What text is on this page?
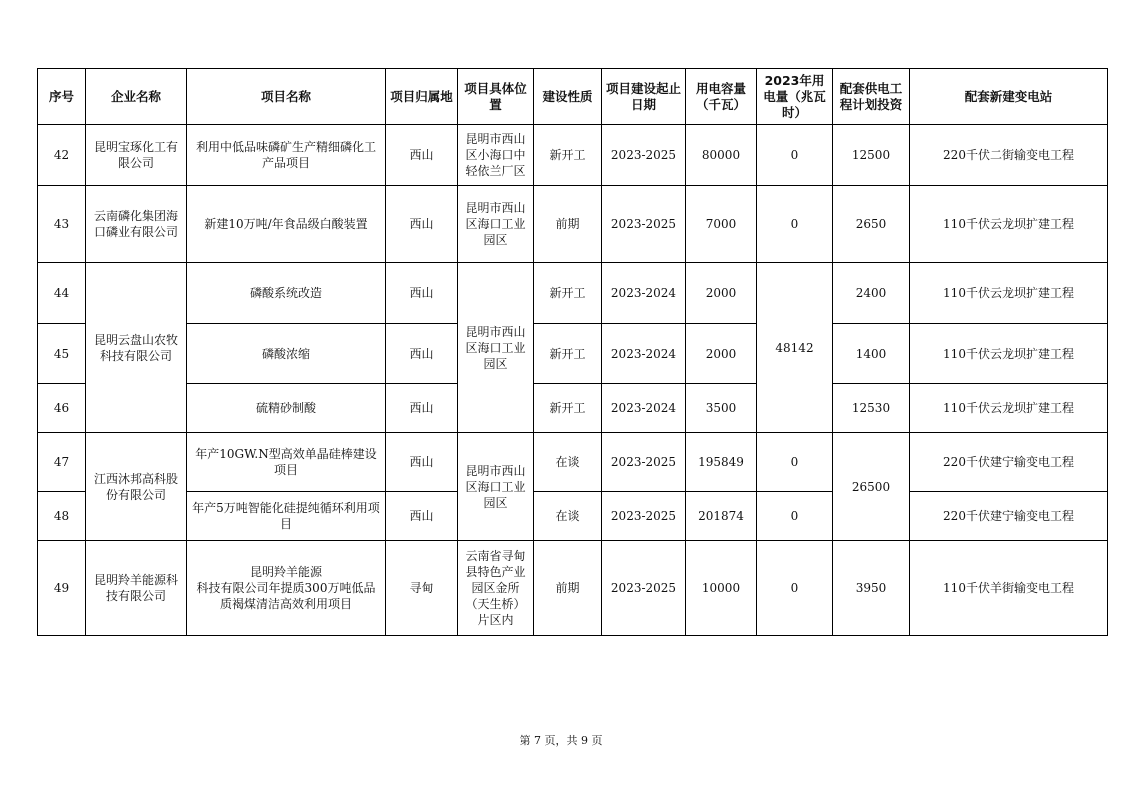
序号	企业名称	项目名称	项目归属地	项目具体位置	建设性质	项目建设起止日期	用电容量（千瓦）	2023年用电量（兆瓦时）	配套供电工程计划投资	配套新建变电站
42	昆明宝琢化工有限公司	利用中低品味磷矿生产精细磷化工产品项目	西山	昆明市西山区小海口中轻依兰厂区	新开工	2023-2025	80000	0	12500	220千伏二街输变电工程
43	云南磷化集团海口磷业有限公司	新建10万吨/年食品级白酸装置	西山	昆明市西山区海口工业园区	前期	2023-2025	7000	0	2650	110千伏云龙坝扩建工程
44	昆明云盘山农牧科技有限公司	磷酸系统改造	西山	昆明市西山区海口工业园区	新开工	2023-2024	2000	48142	2400	110千伏云龙坝扩建工程
45		磷酸浓缩	西山		新开工	2023-2024	2000		1400	110千伏云龙坝扩建工程
46		硫精砂制酸	西山		新开工	2023-2024	3500		12530	110千伏云龙坝扩建工程
47	江西沐邦高科股份有限公司	年产10GW.N型高效单晶硅棒建设项目	西山	昆明市西山区海口工业园区	在谈	2023-2025	195849	0	26500	220千伏建宁输变电工程
48		年产5万吨智能化硅提纯循环利用项目	西山		在谈	2023-2025	201874	0		220千伏建宁输变电工程
49	昆明羚羊能源科技有限公司	昆明羚羊能源
科技有限公司年提质300万吨低品质褐煤清洁高效利用项目	寻甸	云南省寻甸县特色产业园区金所（天生桥）片区内	前期	2023-2025	10000	0	3950	110千伏羊街输变电工程
第 7 页，共 9 页
